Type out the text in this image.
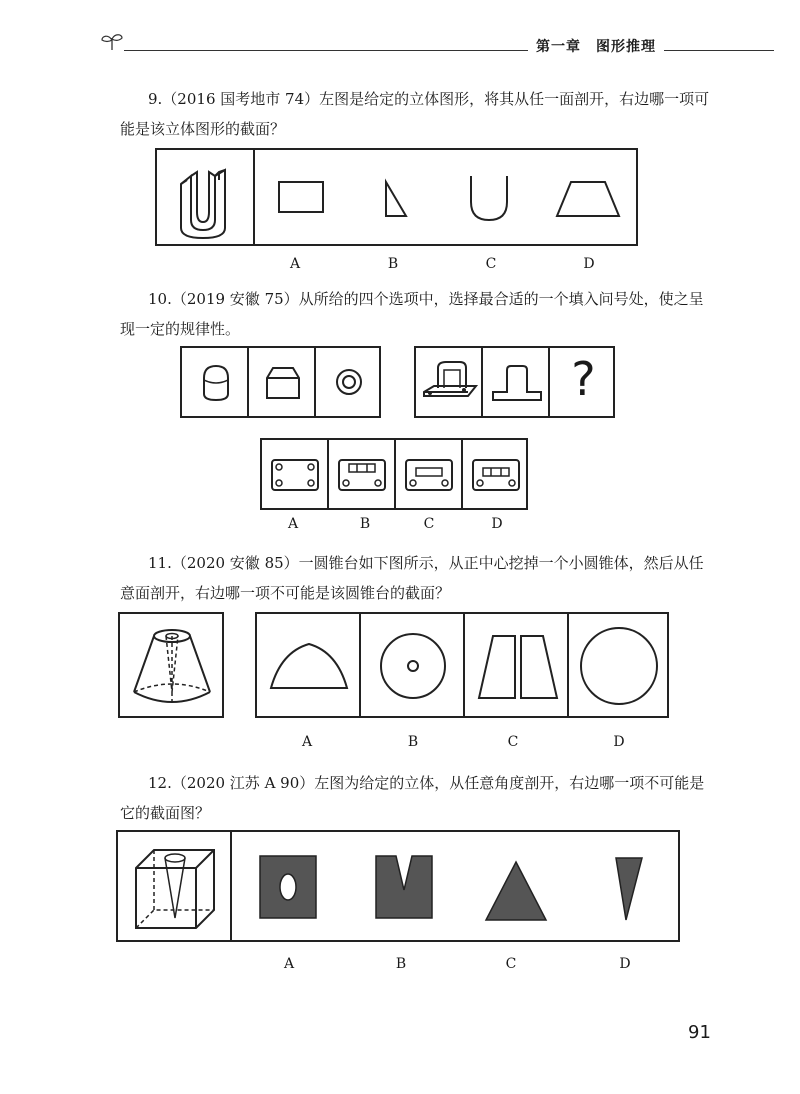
第一章　图形推理
9.（2016 国考地市 74）左图是给定的立体图形，将其从任一面剖开，右边哪一项可能是该立体图形的截面？
A	B	C	D
10.（2019 安徽 75）从所给的四个选项中，选择最合适的一个填入问号处，使之呈现一定的规律性。
?
A	B	C	D
11.（2020 安徽 85）一圆锥台如下图所示，从正中心挖掉一个小圆锥体，然后从任意面剖开，右边哪一项不可能是该圆锥台的截面？
A	B	C	D
12.（2020 江苏 A 90）左图为给定的立体，从任意角度剖开，右边哪一项不可能是它的截面图？
A	B	C	D
91
